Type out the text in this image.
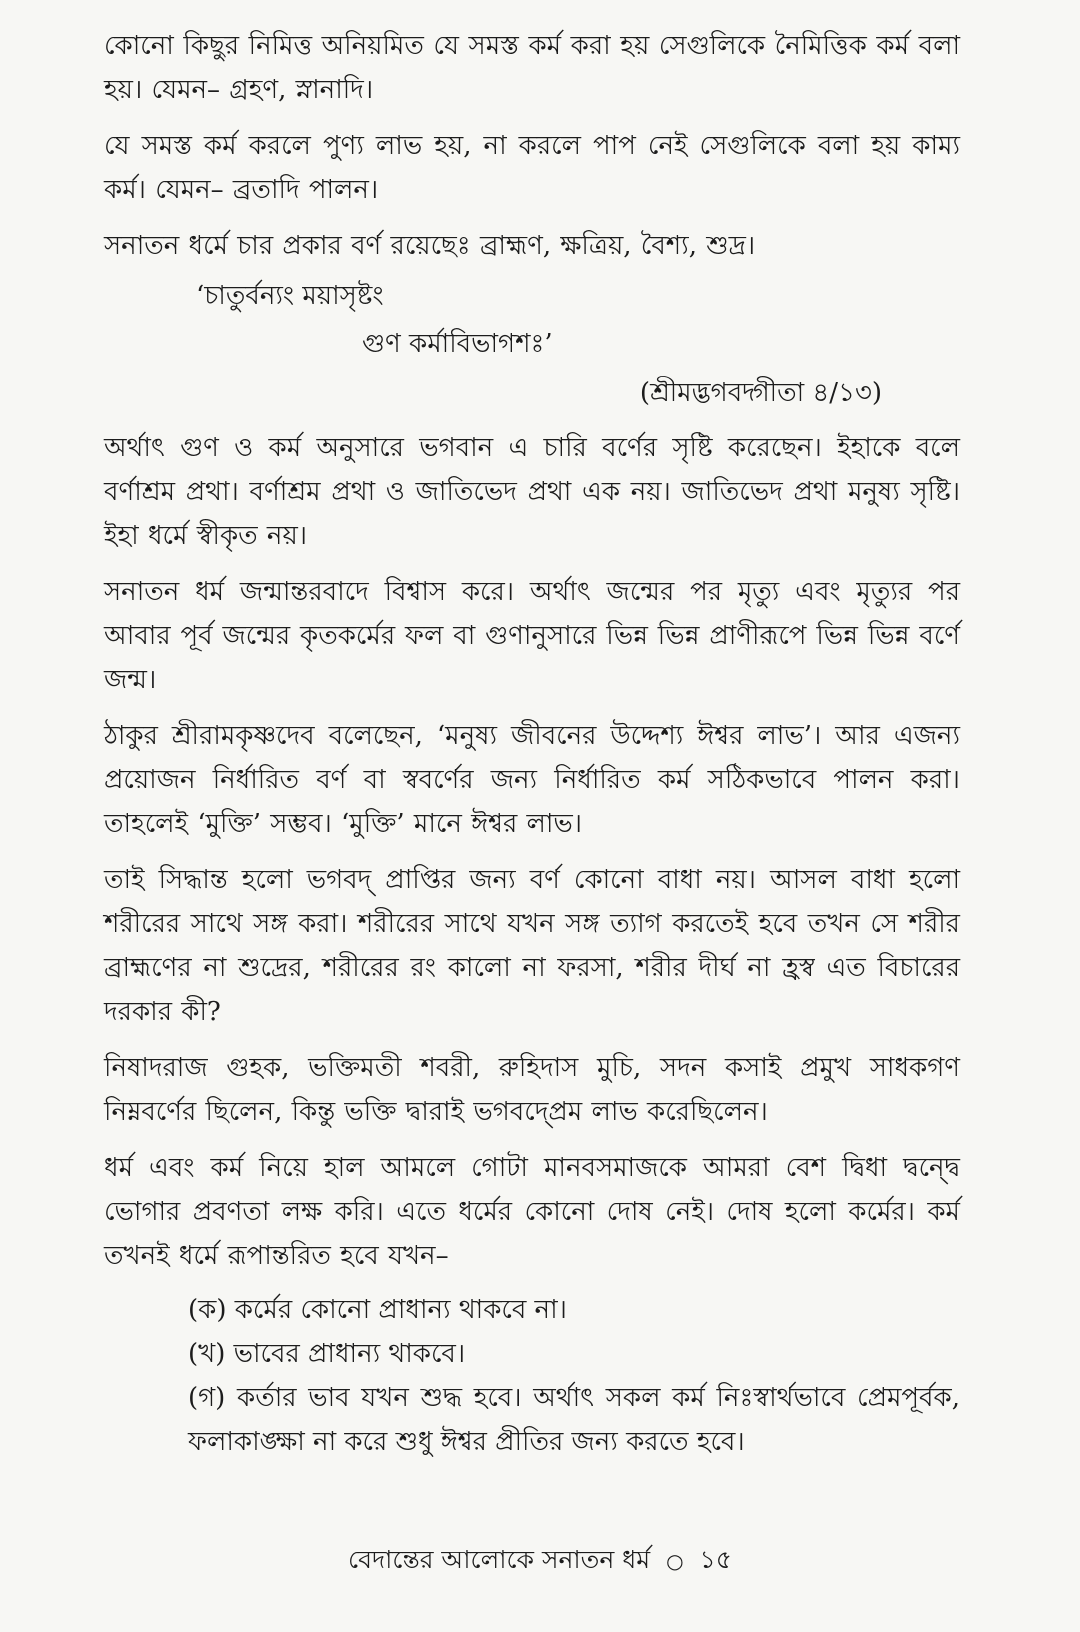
কোনো কিছুর নিমিত্ত অনিয়মিত যে সমস্ত কর্ম করা হয় সেগুলিকে নৈমিত্তিক কর্ম বলা হয়। যেমন– গ্রহণ, স্নানাদি।

যে সমস্ত কর্ম করলে পুণ্য লাভ হয়, না করলে পাপ নেই সেগুলিকে বলা হয় কাম্য কর্ম। যেমন– ব্রতাদি পালন।

সনাতন ধর্মে চার প্রকার বর্ণ রয়েছেঃ ব্রাহ্মণ, ক্ষত্রিয়, বৈশ্য, শুদ্র।

‘চাতুর্বন্যং ময়াসৃষ্টং
গুণ কর্মাবিভাগশঃ’
(শ্রীমদ্ভগবদ্গীতা ৪/১৩)

অর্থাৎ গুণ ও কর্ম অনুসারে ভগবান এ চারি বর্ণের সৃষ্টি করেছেন। ইহাকে বলে বর্ণাশ্রম প্রথা। বর্ণাশ্রম প্রথা ও জাতিভেদ প্রথা এক নয়। জাতিভেদ প্রথা মনুষ্য সৃষ্টি। ইহা ধর্মে স্বীকৃত নয়।

সনাতন ধর্ম জন্মান্তরবাদে বিশ্বাস করে। অর্থাৎ জন্মের পর মৃত্যু এবং মৃত্যুর পর আবার পূর্ব জন্মের কৃতকর্মের ফল বা গুণানুসারে ভিন্ন ভিন্ন প্রাণীরূপে ভিন্ন ভিন্ন বর্ণে জন্ম।

ঠাকুর শ্রীরামকৃষ্ণদেব বলেছেন, ‘মনুষ্য জীবনের উদ্দেশ্য ঈশ্বর লাভ’। আর এজন্য প্রয়োজন নির্ধারিত বর্ণ বা স্ববর্ণের জন্য নির্ধারিত কর্ম সঠিকভাবে পালন করা। তাহলেই ‘মুক্তি’ সম্ভব। ‘মুক্তি’ মানে ঈশ্বর লাভ।

তাই সিদ্ধান্ত হলো ভগবদ্ প্রাপ্তির জন্য বর্ণ কোনো বাধা নয়। আসল বাধা হলো শরীরের সাথে সঙ্গ করা। শরীরের সাথে যখন সঙ্গ ত্যাগ করতেই হবে তখন সে শরীর ব্রাহ্মণের না শুদ্রের, শরীরের রং কালো না ফরসা, শরীর দীর্ঘ না হ্রস্ব এত বিচারের দরকার কী?

নিষাদরাজ গুহক, ভক্তিমতী শবরী, রুহিদাস মুচি, সদন কসাই প্রমুখ সাধকগণ নিম্নবর্ণের ছিলেন, কিন্তু ভক্তি দ্বারাই ভগবদ্প্রেম লাভ করেছিলেন।

ধর্ম এবং কর্ম নিয়ে হাল আমলে গোটা মানবসমাজকে আমরা বেশ দ্বিধা দ্বন্দ্বে ভোগার প্রবণতা লক্ষ করি। এতে ধর্মের কোনো দোষ নেই। দোষ হলো কর্মের। কর্ম তখনই ধর্মে রূপান্তরিত হবে যখন–

(ক) কর্মের কোনো প্রাধান্য থাকবে না।
(খ) ভাবের প্রাধান্য থাকবে।
(গ) কর্তার ভাব যখন শুদ্ধ হবে। অর্থাৎ সকল কর্ম নিঃস্বার্থভাবে প্রেমপূর্বক, ফলাকাঙ্ক্ষা না করে শুধু ঈশ্বর প্রীতির জন্য করতে হবে।
বেদান্তের আলোকে সনাতন ধর্ম ○ ১৫
